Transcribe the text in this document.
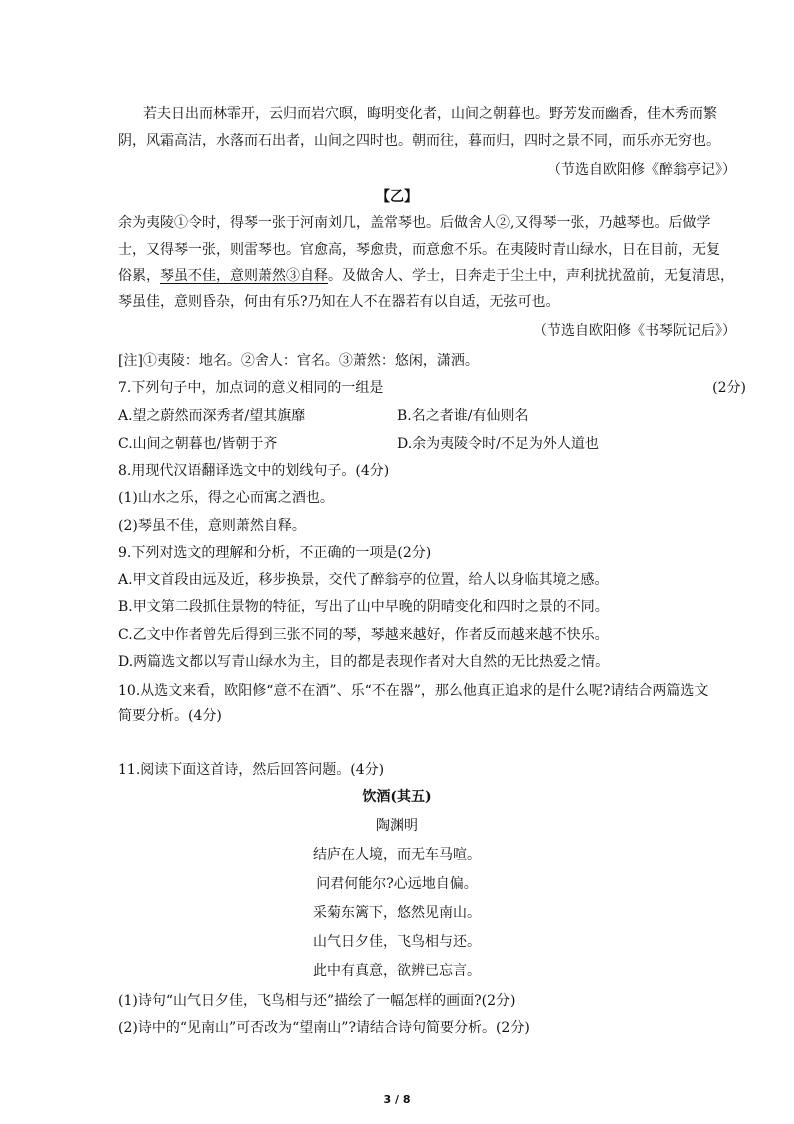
若夫日出而林霏开，云归而岩穴暝，晦明变化者，山间之朝暮也。野芳发而幽香，佳木秀而繁
阴，风霜高洁，水落而石出者，山间之四时也。朝而往，暮而归，四时之景不同，而乐亦无穷也。
（节选自欧阳修《醉翁亭记》）
【乙】
余为夷陵①令时，得琴一张于河南刘几，盖常琴也。后做舍人②,又得琴一张，乃越琴也。后做学
士，又得琴一张，则雷琴也。官愈高，琴愈贵，而意愈不乐。在夷陵时青山绿水，日在目前，无复
俗累，琴虽不佳，意则萧然③自释。及做舍人、学士，日奔走于尘土中，声利扰扰盈前，无复清思，
琴虽佳，意则昏杂，何由有乐?乃知在人不在器若有以自适，无弦可也。
（节选自欧阳修《书琴阮记后》）
[注]①夷陵：地名。②舍人：官名。③萧然：悠闲，潇洒。
7.下列句子中，加点词的意义相同的一组是	(2分)
A.望之蔚然而深秀者/望其旗靡	B.名之者谁/有仙则名
C.山间之朝暮也/皆朝于齐	D.余为夷陵令时/不足为外人道也
8.用现代汉语翻译选文中的划线句子。(4分)
(1)山水之乐，得之心而寓之酒也。
(2)琴虽不佳，意则萧然自释。
9.下列对选文的理解和分析，不正确的一项是(2分)
A.甲文首段由远及近，移步换景，交代了醉翁亭的位置，给人以身临其境之感。
B.甲文第二段抓住景物的特征，写出了山中早晚的阴晴变化和四时之景的不同。
C.乙文中作者曾先后得到三张不同的琴，琴越来越好，作者反而越来越不快乐。
D.两篇选文都以写青山绿水为主，目的都是表现作者对大自然的无比热爱之情。
10.从选文来看，欧阳修“意不在酒”、乐“不在器”，那么他真正追求的是什么呢?请结合两篇选文
简要分析。(4分)
11.阅读下面这首诗，然后回答问题。(4分)
饮酒(其五)
陶渊明
结庐在人境，而无车马喧。
问君何能尔?心远地自偏。
采菊东篱下，悠然见南山。
山气日夕佳，飞鸟相与还。
此中有真意，欲辨已忘言。
(1)诗句“山气日夕佳，飞鸟相与还”描绘了一幅怎样的画面?(2分)
(2)诗中的“见南山”可否改为“望南山”?请结合诗句简要分析。(2分)
3 / 8
